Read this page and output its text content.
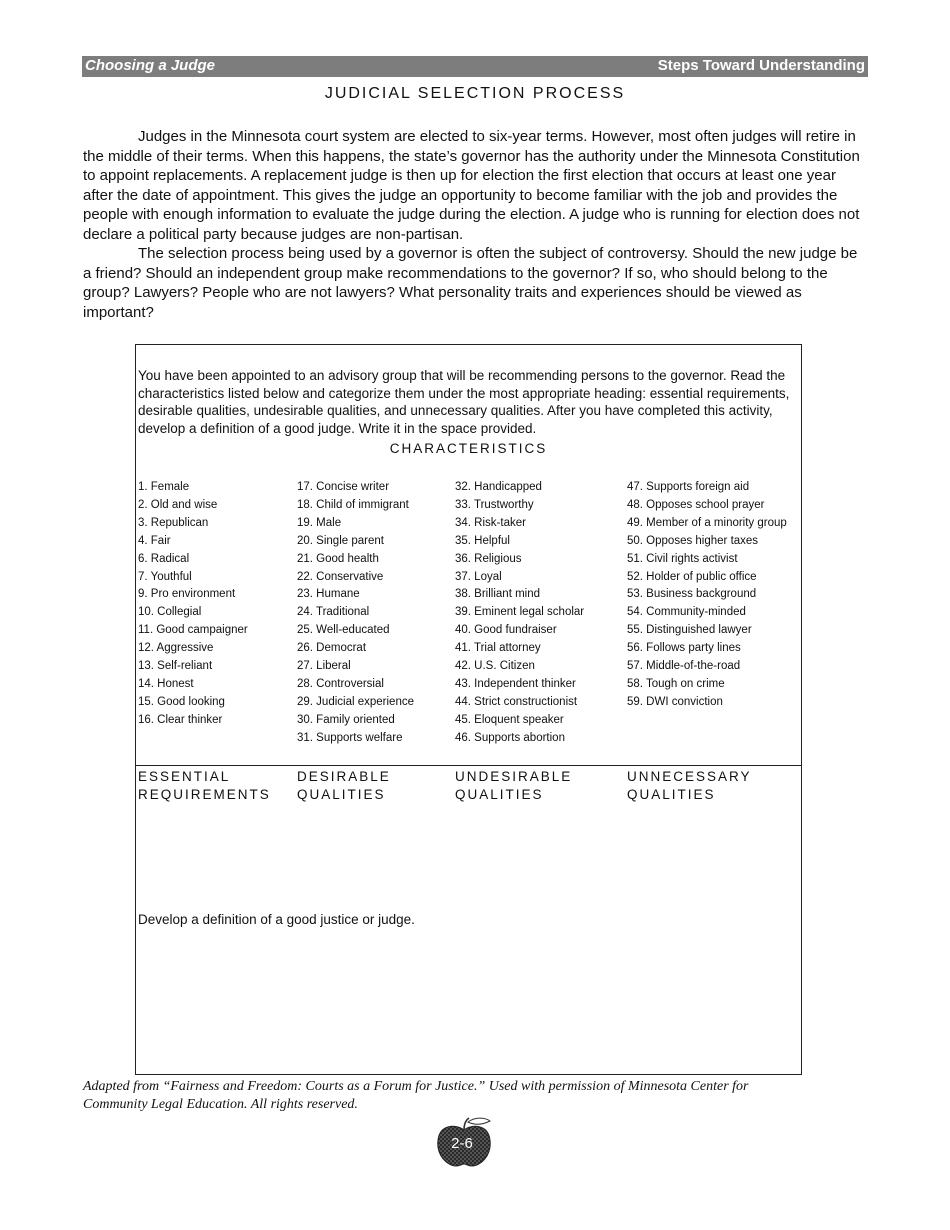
Choosing a Judge	Steps Toward Understanding
JUDICIAL SELECTION PROCESS

Judges in the Minnesota court system are elected to six-year terms. However, most often judges will retire in the middle of their terms. When this happens, the state’s governor has the authority under the Minnesota Constitution to appoint replacements. A replacement judge is then up for election the first election that occurs at least one year after the date of appointment. This gives the judge an opportunity to become familiar with the job and provides the people with enough information to evaluate the judge during the election. A judge who is running for election does not declare a political party because judges are non-partisan.

The selection process being used by a governor is often the subject of controversy. Should the new judge be a friend? Should an independent group make recommendations to the governor? If so, who should belong to the group? Lawyers? People who are not lawyers? What personality traits and experiences should be viewed as important?

You have been appointed to an advisory group that will be recommending persons to the governor. Read the characteristics listed below and categorize them under the most appropriate heading: essential requirements, desirable qualities, undesirable qualities, and unnecessary qualities. After you have completed this activity, develop a definition of a good judge. Write it in the space provided.

CHARACTERISTICS
1. Female
2. Old and wise
3. Republican
4. Fair
6. Radical
7. Youthful
9. Pro environment
10. Collegial
11. Good campaigner
12. Aggressive
13. Self-reliant
14. Honest
15. Good looking
16. Clear thinker
17. Concise writer
18. Child of immigrant
19. Male
20. Single parent
21. Good health
22. Conservative
23. Humane
24. Traditional
25. Well-educated
26. Democrat
27. Liberal
28. Controversial
29. Judicial experience
30. Family oriented
31. Supports welfare
32. Handicapped
33. Trustworthy
34. Risk-taker
35. Helpful
36. Religious
37. Loyal
38. Brilliant mind
39. Eminent legal scholar
40. Good fundraiser
41. Trial attorney
42. U.S. Citizen
43. Independent thinker
44. Strict constructionist
45. Eloquent speaker
46. Supports abortion
47. Supports foreign aid
48. Opposes school prayer
49. Member of a minority group
50. Opposes higher taxes
51. Civil rights activist
52. Holder of public office
53. Business background
54. Community-minded
55. Distinguished lawyer
56. Follows party lines
57. Middle-of-the-road
58. Tough on crime
59. DWI conviction
ESSENTIAL
REQUIREMENTS
DESIRABLE
QUALITIES
UNDESIRABLE
QUALITIES
UNNECESSARY
QUALITIES
Develop a definition of a good justice or judge.
Adapted from “Fairness and Freedom: Courts as a Forum for Justice.” Used with permission of Minnesota Center for
Community Legal Education. All rights reserved.
2-6
